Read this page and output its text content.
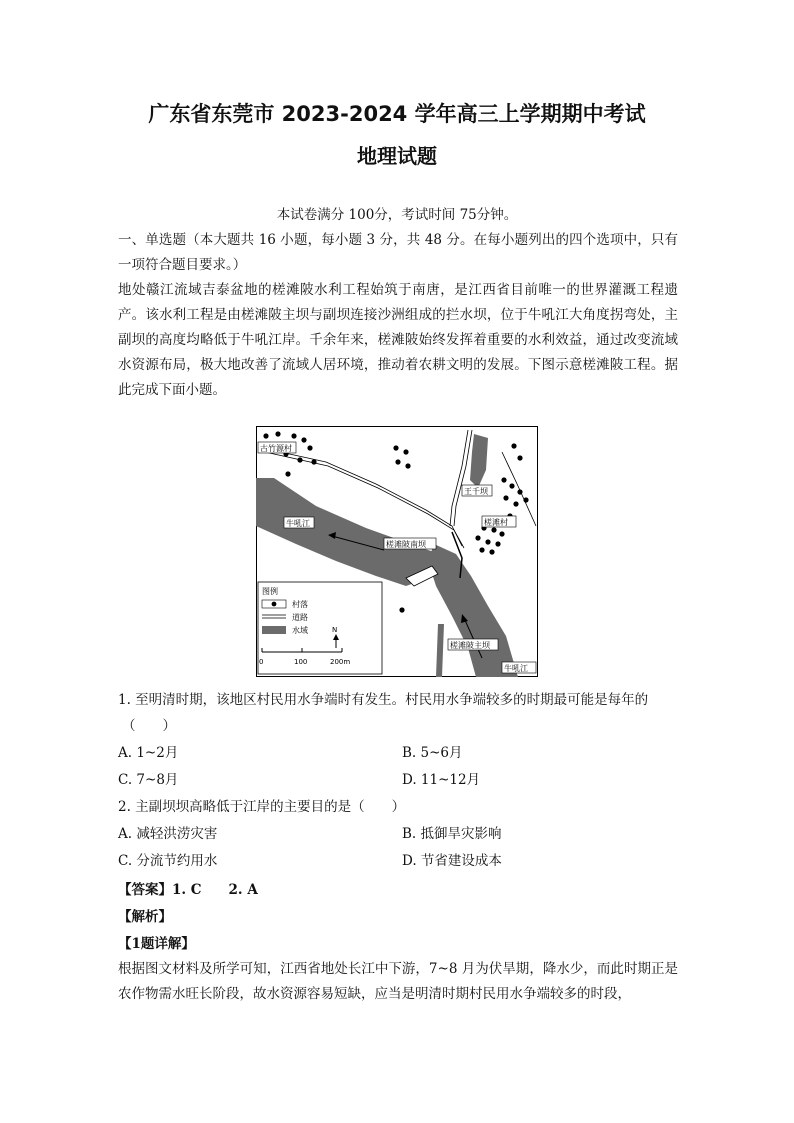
广东省东莞市 2023-2024 学年高三上学期期中考试
地理试题
本试卷满分 100分，考试时间 75分钟。
一、单选题（本大题共 16 小题，每小题 3 分，共 48 分。在每小题列出的四个选项中，只有一项符合题目要求。）
地处赣江流域吉泰盆地的槎滩陂水利工程始筑于南唐，是江西省目前唯一的世界灌溉工程遗产。该水利工程是由槎滩陂主坝与副坝连接沙洲组成的拦水坝，位于牛吼江大角度拐弯处，主副坝的高度均略低于牛吼江岸。千余年来，槎滩陂始终发挥着重要的水利效益，通过改变流域水资源布局，极大地改善了流域人居环境，推动着农耕文明的发展。下图示意槎滩陂工程。据此完成下面小题。
古竹源村
王千坝
槎滩村
牛吼江
槎滩陂南坝
槎滩陂主坝
牛吼江
图例
村落
道路
水域
0	100	200m
N
1. 至明清时期，该地区村民用水争端时有发生。村民用水争端较多的时期最可能是每年的
（　　）
A. 1~2月	B. 5~6月
C. 7~8月	D. 11~12月
2. 主副坝坝高略低于江岸的主要目的是（　　）
A. 减轻洪涝灾害	B. 抵御旱灾影响
C. 分流节约用水	D. 节省建设成本
【答案】1. C　　2. A
【解析】
【1题详解】
根据图文材料及所学可知，江西省地处长江中下游，7~8 月为伏旱期，降水少，而此时期正是农作物需水旺长阶段，故水资源容易短缺，应当是明清时期村民用水争端较多的时段，
